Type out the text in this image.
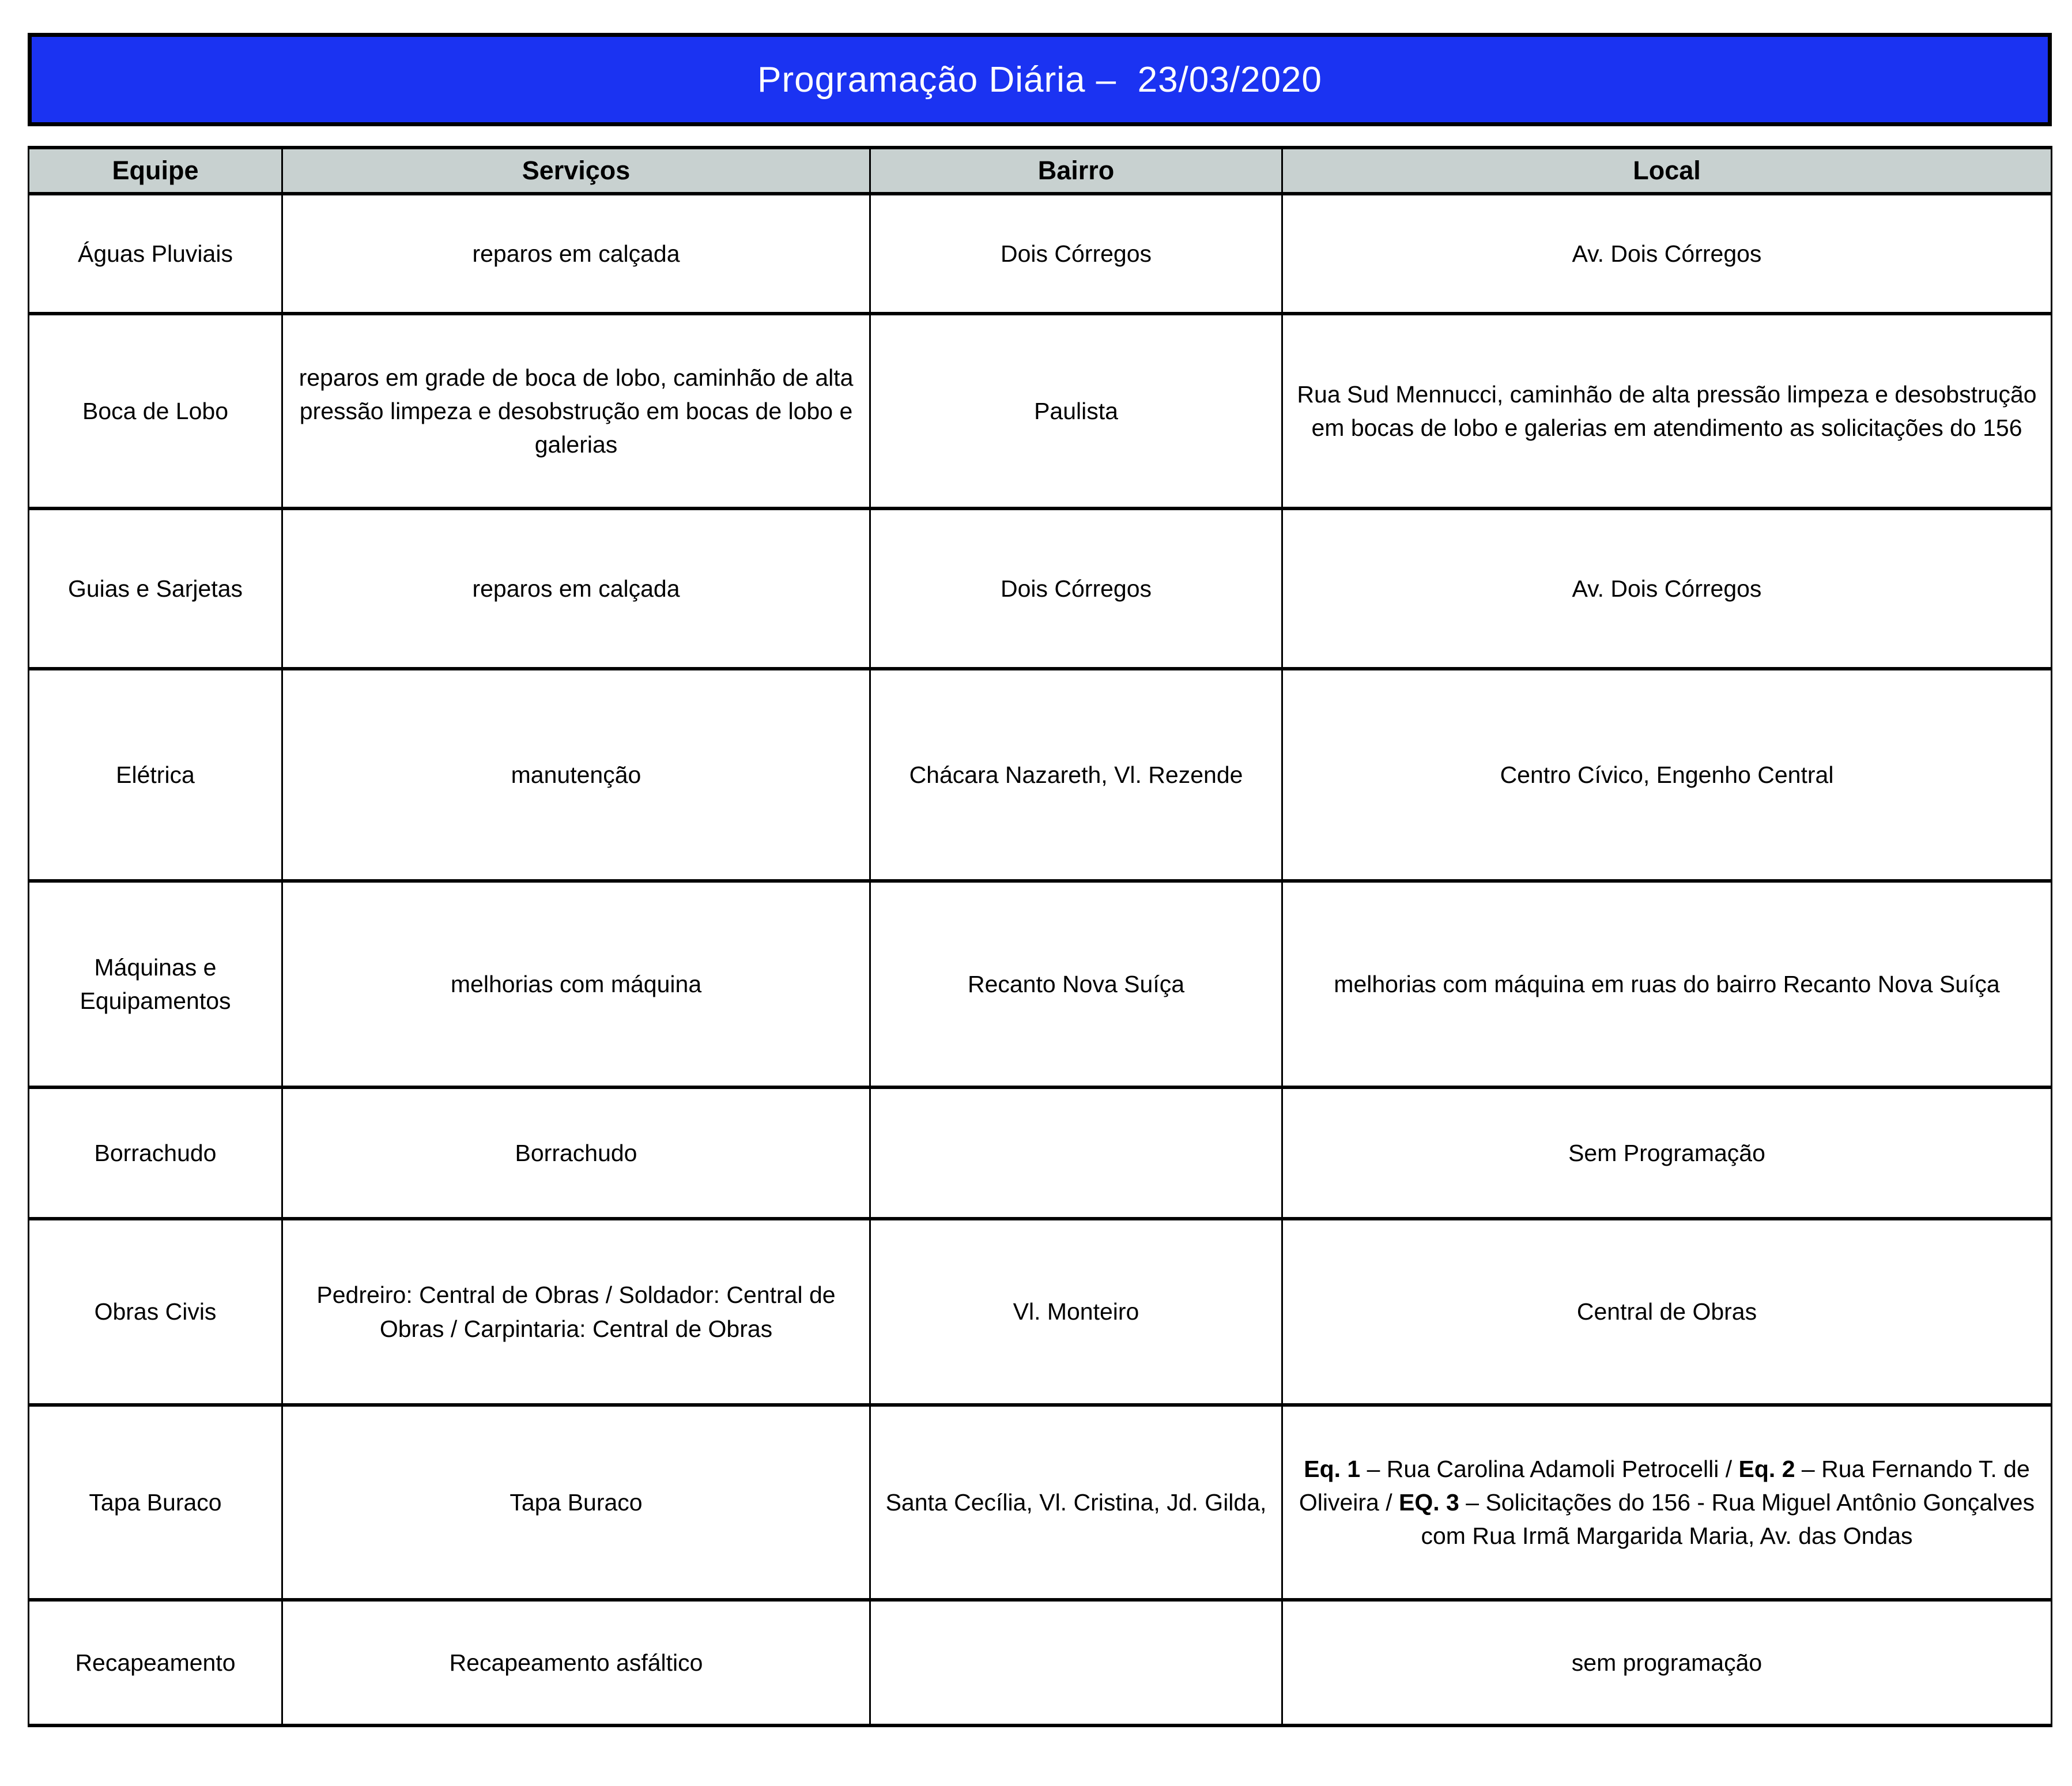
Programação Diária –  23/03/2020
Equipe	Serviços	Bairro	Local
Águas Pluviais	reparos em calçada	Dois Córregos	Av. Dois Córregos
Boca de Lobo	reparos em grade de boca de lobo, caminhão de alta pressão limpeza e desobstrução em bocas de lobo e galerias	Paulista	Rua Sud Mennucci, caminhão de alta pressão limpeza e desobstrução em bocas de lobo e galerias em atendimento as solicitações do 156
Guias e Sarjetas	reparos em calçada	Dois Córregos	Av. Dois Córregos
Elétrica	manutenção	Chácara Nazareth, Vl. Rezende	Centro Cívico, Engenho Central
Máquinas e Equipamentos	melhorias com máquina	Recanto Nova Suíça	melhorias com máquina em ruas do bairro Recanto Nova Suíça
Borrachudo	Borrachudo		Sem Programação
Obras Civis	Pedreiro: Central de Obras / Soldador: Central de Obras / Carpintaria: Central de Obras	Vl. Monteiro	Central de Obras
Tapa Buraco	Tapa Buraco	Santa Cecília, Vl. Cristina, Jd. Gilda,	Eq. 1 – Rua Carolina Adamoli Petrocelli / Eq. 2 – Rua Fernando T. de Oliveira / EQ. 3 – Solicitações do 156 - Rua Miguel Antônio Gonçalves com Rua Irmã Margarida Maria, Av. das Ondas
Recapeamento	Recapeamento asfáltico		sem programação
